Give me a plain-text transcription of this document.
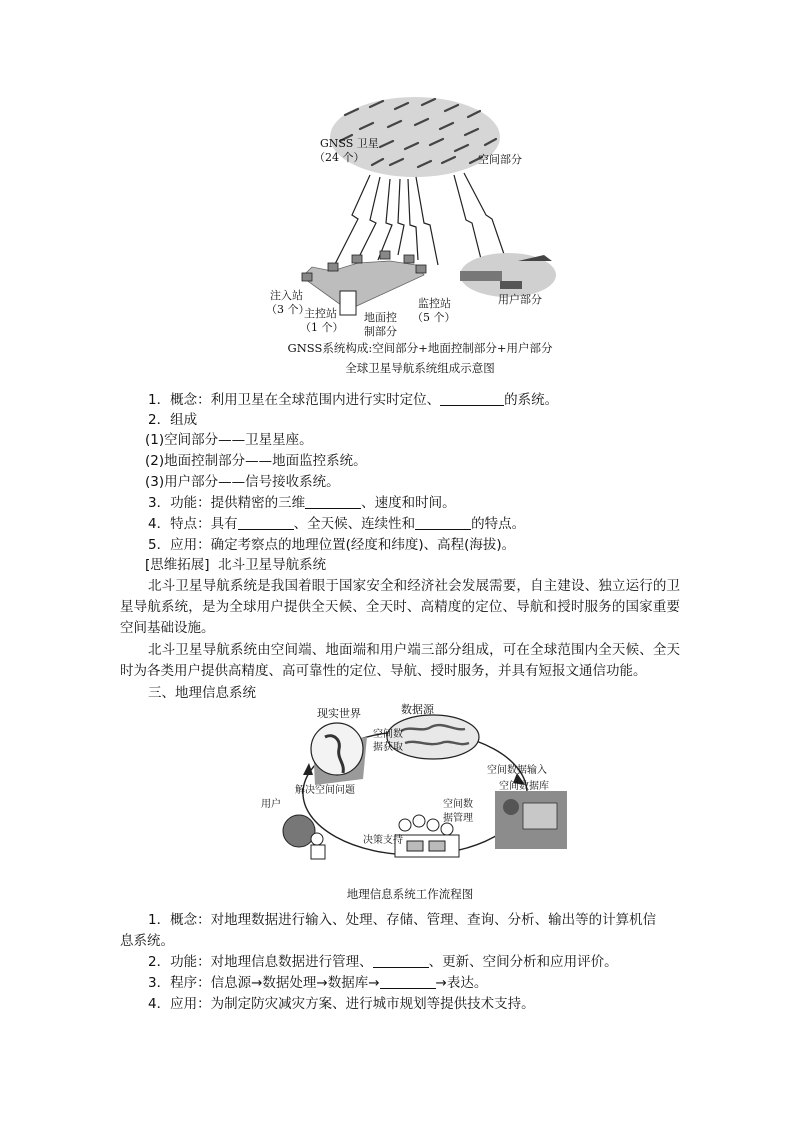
GNSS 卫星
（24 个）	空间部分
注入站
（3 个）
主控站
（1 个）
地面控
制部分
监控站
（5 个）
用户部分
GNSS系统构成:空间部分+地面控制部分+用户部分
全球卫星导航系统组成示意图
1．概念：利用卫星在全球范围内进行实时定位、	的系统。
2．组成
(1)空间部分——卫星星座。
(2)地面控制部分——地面监控系统。
(3)用户部分——信号接收系统。
3．功能：提供精密的三维	、速度和时间。
4．特点：具有	、全天候、连续性和	的特点。
5．应用：确定考察点的地理位置(经度和纬度)、高程(海拔)。
[思维拓展] 北斗卫星导航系统
北斗卫星导航系统是我国着眼于国家安全和经济社会发展需要，自主建设、独立运行的卫星导航系统，是为全球用户提供全天候、全天时、高精度的定位、导航和授时服务的国家重要空间基础设施。
北斗卫星导航系统由空间端、地面端和用户端三部分组成，可在全球范围内全天候、全天时为各类用户提供高精度、高可靠性的定位、导航、授时服务，并具有短报文通信功能。
三、地理信息系统
现实世界	数据源
空间数
据获取
空间数据输入
空间数据库
空间数
据管理
决策支持
用户
解决空间问题
地理信息系统工作流程图
1．概念：对地理数据进行输入、处理、存储、管理、查询、分析、输出等的计算机信
息系统。
2．功能：对地理信息数据进行管理、	、更新、空间分析和应用评价。
3．程序：信息源→数据处理→数据库→	→表达。
4．应用：为制定防灾减灾方案、进行城市规划等提供技术支持。
